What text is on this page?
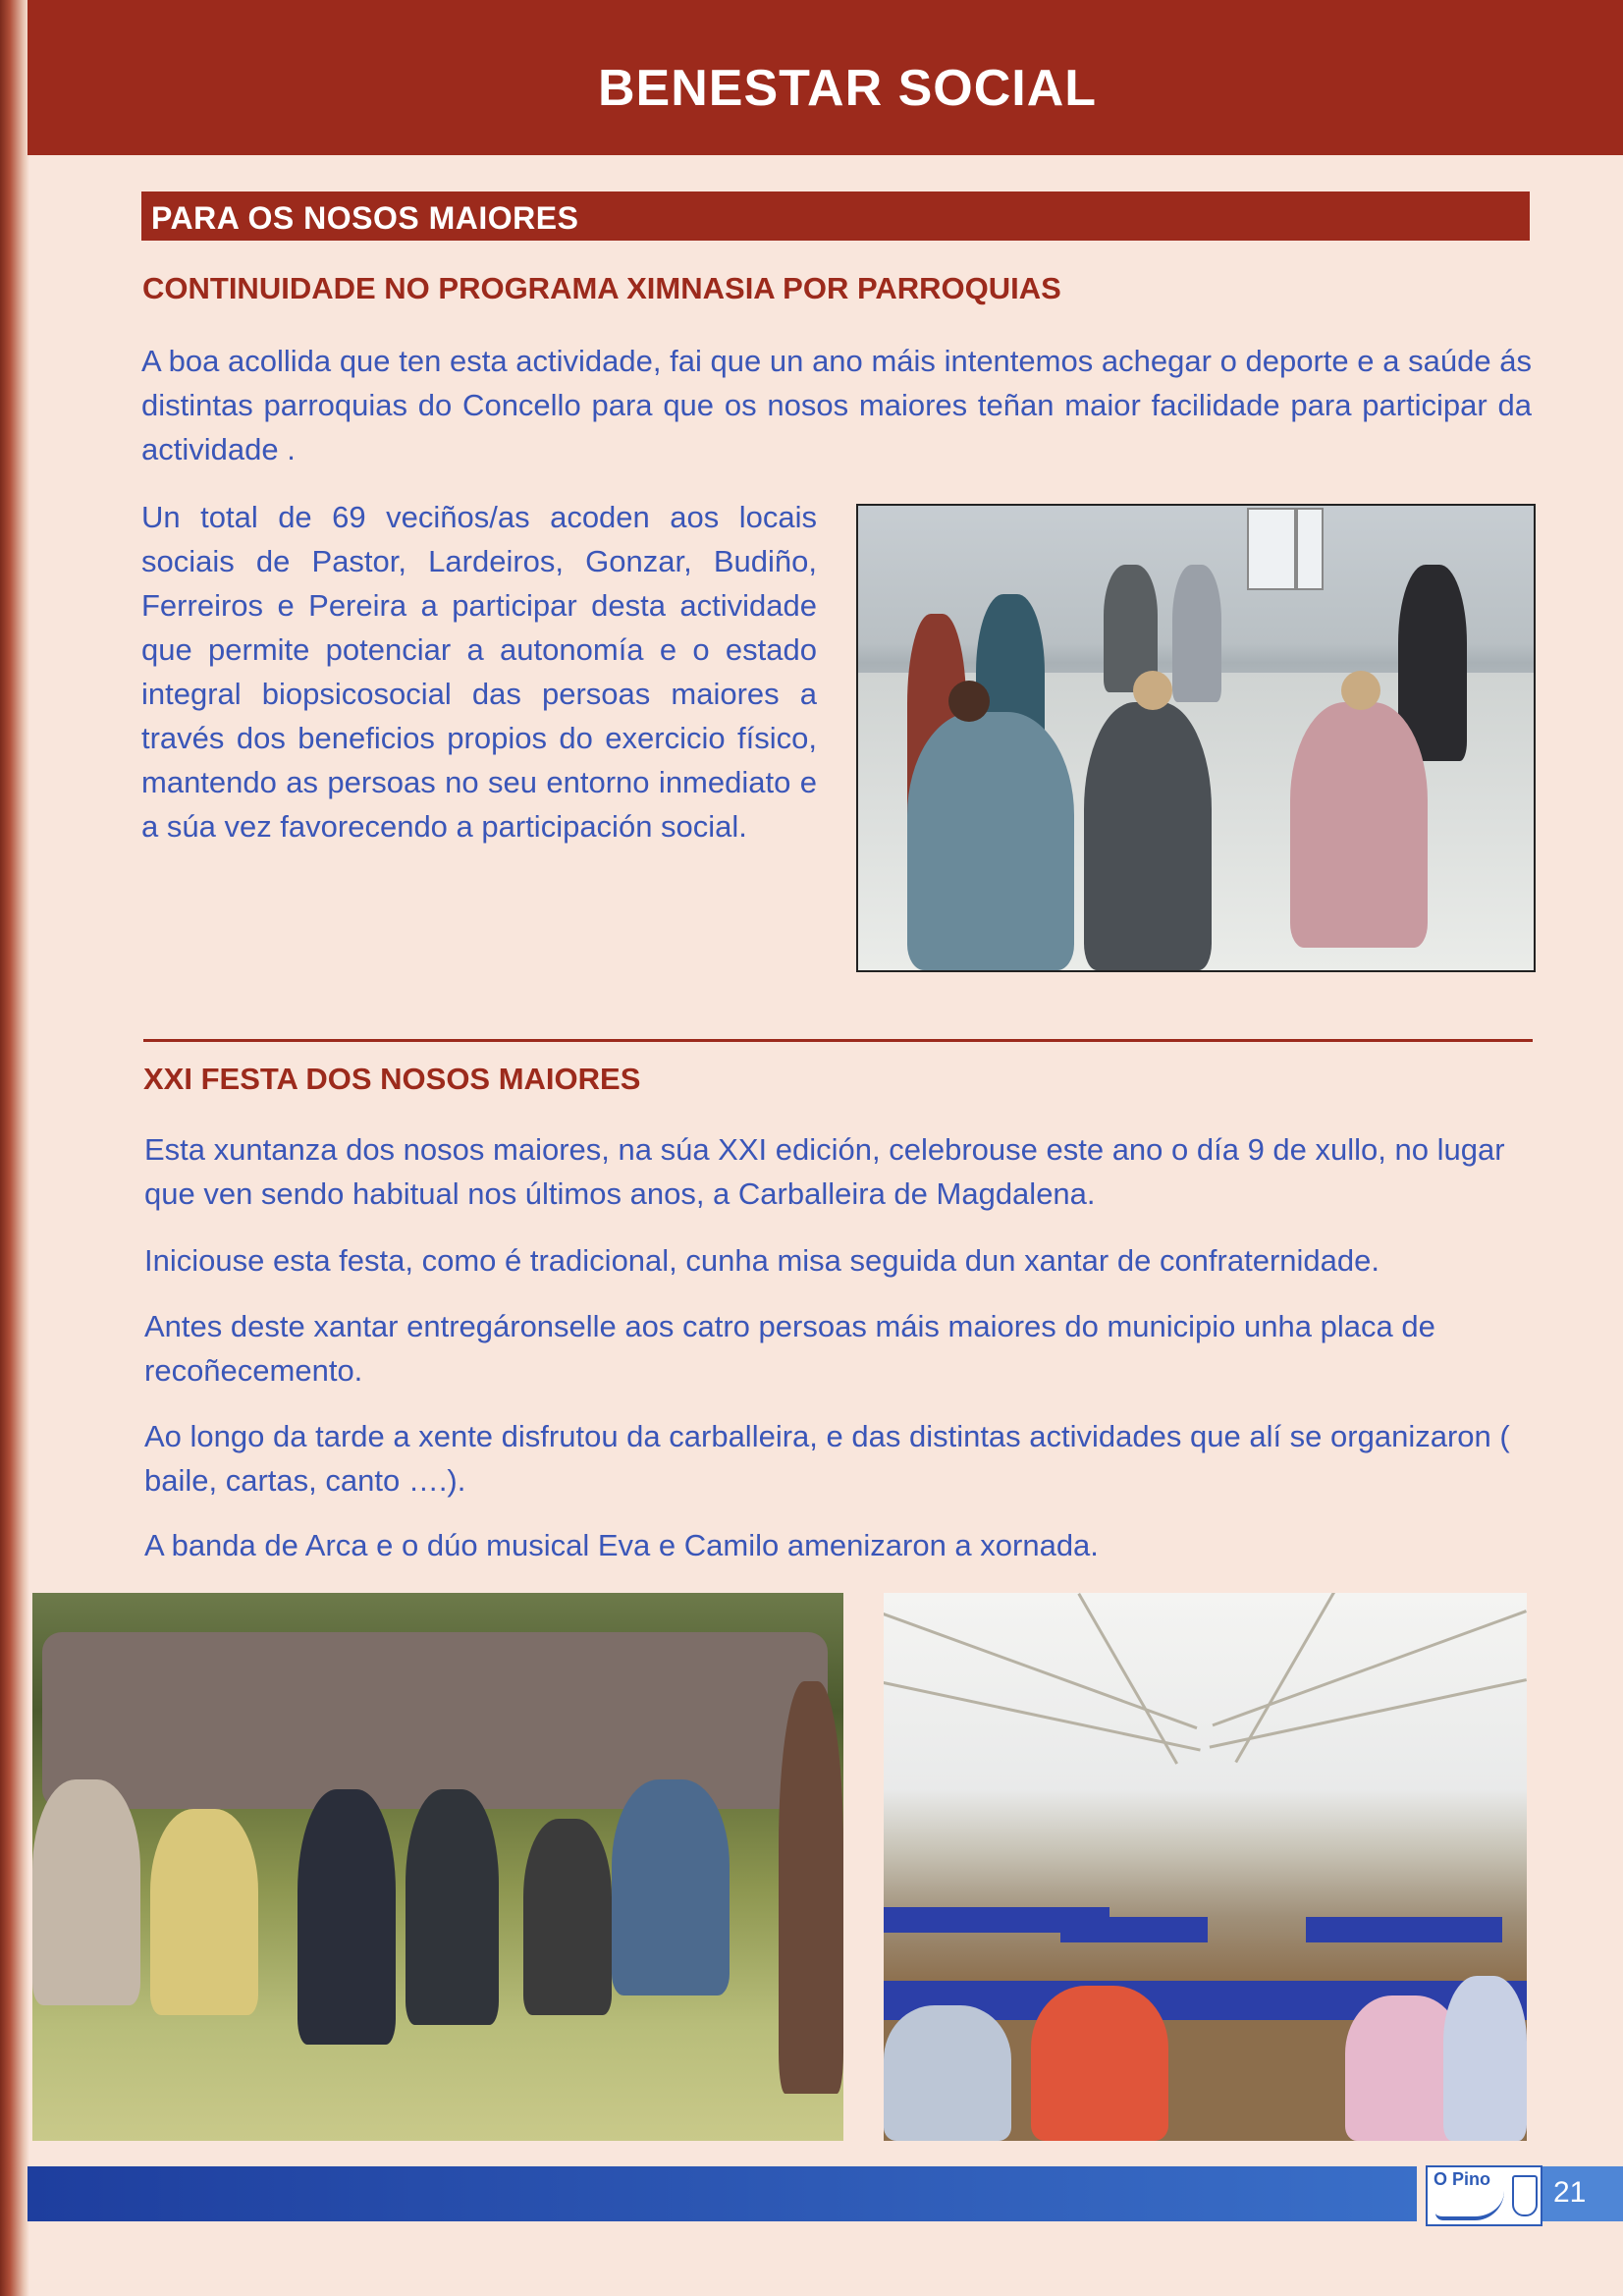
BENESTAR SOCIAL
PARA OS NOSOS MAIORES
CONTINUIDADE NO PROGRAMA XIMNASIA POR PARROQUIAS

A boa acollida que ten esta actividade, fai que un ano máis intentemos achegar o deporte e a saúde ás distintas parroquias do Concello para que os nosos maiores teñan maior facilidade para participar da actividade .

Un total de 69 veciños/as acoden aos locais sociais de Pastor, Lardeiros, Gonzar, Budiño, Ferreiros e Pereira a participar desta actividade que permite potenciar a autonomía e o estado integral biopsicosocial das persoas maiores a través dos beneficios propios do exercicio físico, mantendo as persoas no seu entorno inmediato e a súa vez favorecendo a participación social.

XXI FESTA DOS NOSOS MAIORES

Esta xuntanza dos nosos maiores, na súa XXI edición, celebrouse este ano o día 9 de xullo, no lugar que ven sendo habitual nos últimos anos, a Carballeira de Magdalena.

Iniciouse esta festa, como é tradicional, cunha misa seguida dun xantar de confraternidade.

Antes deste xantar entregáronselle aos catro persoas máis maiores do municipio unha placa de recoñecemento.

Ao longo da tarde a xente disfrutou da carballeira, e das distintas actividades que alí se organizaron ( baile, cartas, canto ….).

A banda de Arca e o dúo musical Eva e Camilo amenizaron a xornada.

O Pino 21
